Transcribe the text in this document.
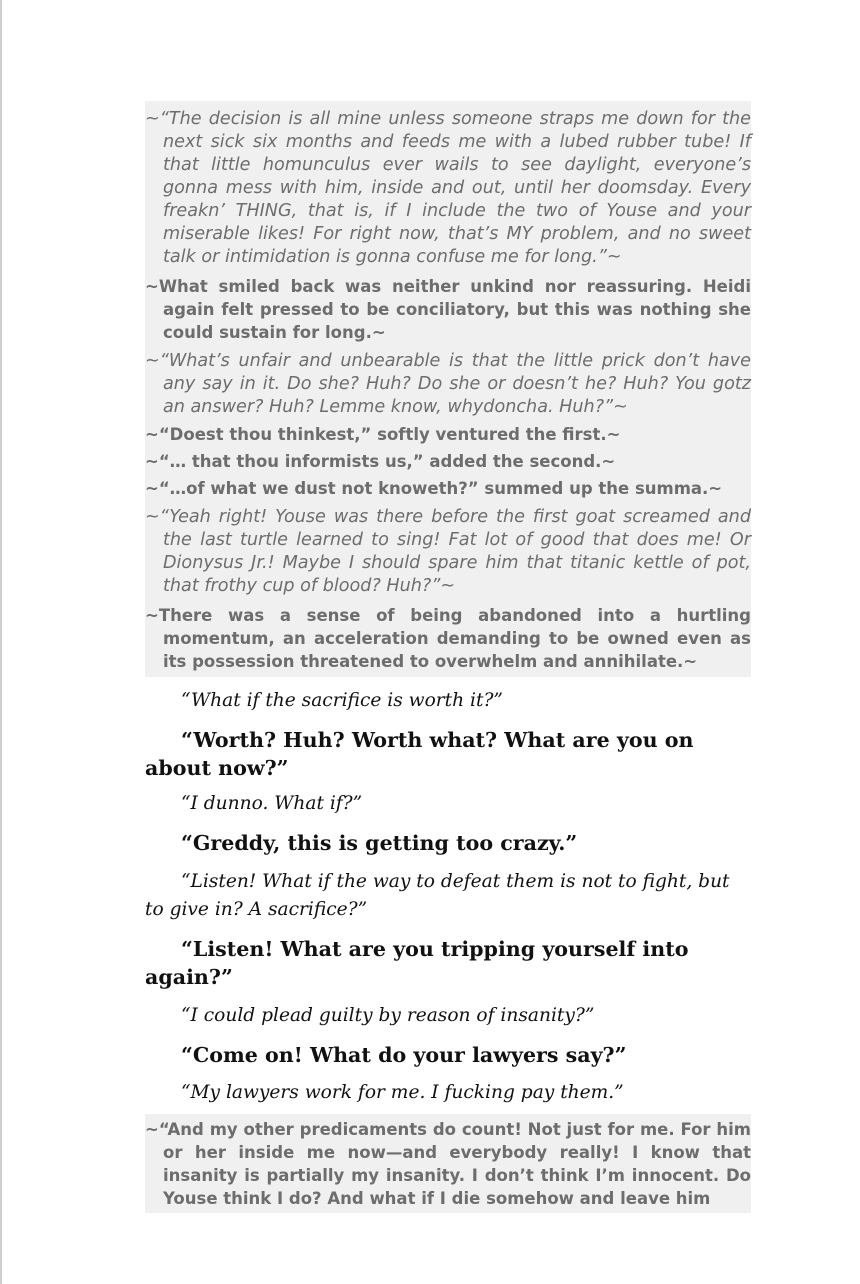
~“The decision is all mine unless someone straps me down for the next sick six months and feeds me with a lubed rubber tube! If that little homunculus ever wails to see daylight, everyone’s gonna mess with him, inside and out, until her doomsday. Every freakn’ THING, that is, if I include the two of Youse and your miserable likes! For right now, that’s MY problem, and no sweet talk or intimidation is gonna confuse me for long.”~

~What smiled back was neither unkind nor reassuring. Heidi again felt pressed to be conciliatory, but this was nothing she could sustain for long.~

~“What’s unfair and unbearable is that the little prick don’t have any say in it. Do she? Huh? Do she or doesn’t he? Huh? You gotz an answer? Huh? Lemme know, whydoncha. Huh?”~

~“Doest thou thinkest,” softly ventured the first.~

~“… that thou informists us,” added the second.~

~“…of what we dust not knoweth?” summed up the summa.~

~“Yeah right! Youse was there before the first goat screamed and the last turtle learned to sing! Fat lot of good that does me! Or Dionysus Jr.! Maybe I should spare him that titanic kettle of pot, that frothy cup of blood? Huh?”~

~There was a sense of being abandoned into a hurtling momentum, an acceleration demanding to be owned even as its possession threatened to overwhelm and annihilate.~

“What if the sacrifice is worth it?”

“Worth? Huh? Worth what? What are you on about now?”

“I dunno. What if?”

“Greddy, this is getting too crazy.”

“Listen! What if the way to defeat them is not to fight, but to give in? A sacrifice?”

“Listen! What are you tripping yourself into again?”

“I could plead guilty by reason of insanity?”

“Come on! What do your lawyers say?”

“My lawyers work for me. I fucking pay them.”

~“And my other predicaments do count! Not just for me. For him or her inside me now—and everybody really! I know that insanity is partially my insanity. I don’t think I’m innocent. Do Youse think I do? And what if I die somehow and leave him
